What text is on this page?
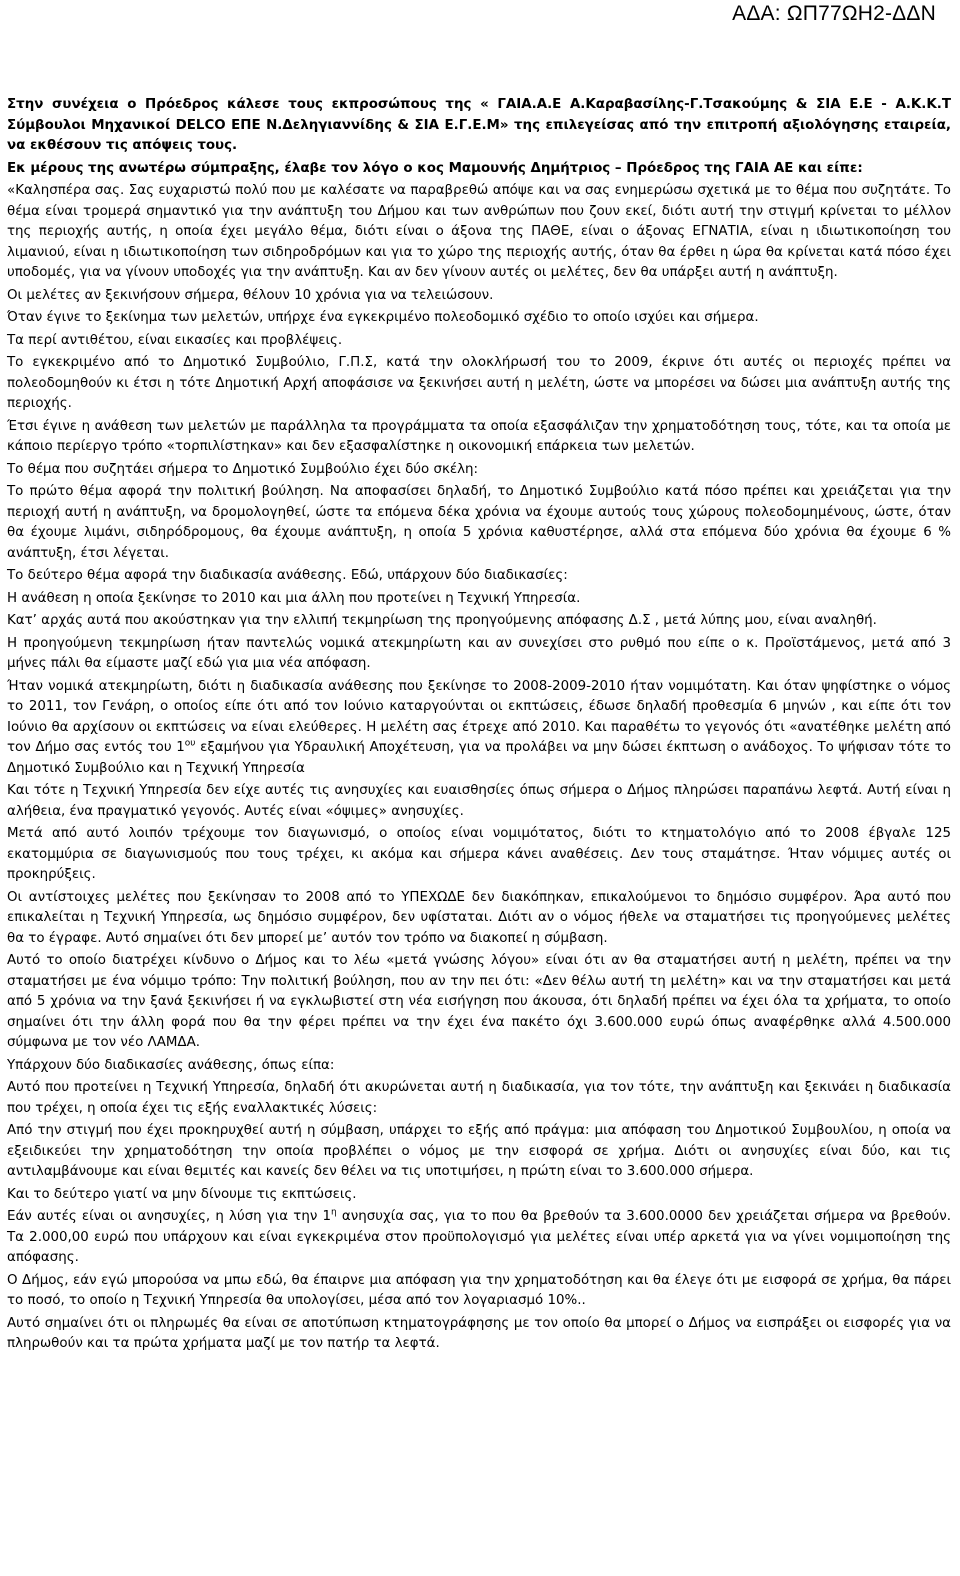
ΑΔΑ: ΩΠ77ΩΗ2-ΔΔΝ

Στην συνέχεια ο Πρόεδρος κάλεσε τους εκπροσώπους της « ΓΑΙΑ.Α.Ε Α.Καραβασίλης-Γ.Τσακούμης & ΣΙΑ Ε.Ε - Α.Κ.Κ.Τ Σύμβουλοι Μηχανικοί DELCO ΕΠΕ Ν.Δεληγιαννίδης & ΣΙΑ Ε.Γ.Ε.Μ» της επιλεγείσας από την επιτροπή αξιολόγησης εταιρεία, να εκθέσουν τις απόψεις τους.

Εκ μέρους της ανωτέρω σύμπραξης, έλαβε τον λόγο ο κος Μαμουνής Δημήτριος – Πρόεδρος της ΓΑΙΑ ΑΕ και είπε:

«Καλησπέρα σας. Σας ευχαριστώ πολύ που με καλέσατε να παραβρεθώ απόψε και να σας ενημερώσω σχετικά με το θέμα που συζητάτε. Το θέμα είναι τρομερά σημαντικό για την ανάπτυξη του Δήμου και των ανθρώπων που ζουν εκεί, διότι αυτή την στιγμή κρίνεται το μέλλον της περιοχής αυτής, η οποία έχει μεγάλο θέμα, διότι είναι ο άξονα της ΠΑΘΕ, είναι ο άξονας ΕΓΝΑΤΙΑ, είναι η ιδιωτικοποίηση του λιμανιού, είναι η ιδιωτικοποίηση των σιδηροδρόμων και για το χώρο της περιοχής αυτής, όταν θα έρθει η ώρα θα κρίνεται κατά πόσο έχει υποδομές, για να γίνουν υποδοχές για την ανάπτυξη. Και αν δεν γίνουν αυτές οι μελέτες, δεν θα υπάρξει αυτή η ανάπτυξη.

Οι μελέτες αν ξεκινήσουν σήμερα, θέλουν 10 χρόνια για να τελειώσουν.

Όταν έγινε το ξεκίνημα των μελετών, υπήρχε ένα εγκεκριμένο πολεοδομικό σχέδιο το οποίο ισχύει και σήμερα.

Τα περί αντιθέτου, είναι εικασίες και προβλέψεις.

Το εγκεκριμένο από το Δημοτικό Συμβούλιο, Γ.Π.Σ, κατά την ολοκλήρωσή του το 2009, έκρινε ότι αυτές οι περιοχές πρέπει να πολεοδομηθούν κι έτσι η τότε Δημοτική Αρχή αποφάσισε να ξεκινήσει αυτή η μελέτη, ώστε να μπορέσει να δώσει μια ανάπτυξη αυτής της περιοχής.

Έτσι έγινε η ανάθεση των μελετών με παράλληλα τα προγράμματα τα οποία εξασφάλιζαν την χρηματοδότηση τους, τότε, και τα οποία με κάποιο περίεργο τρόπο «τορπιλίστηκαν» και δεν εξασφαλίστηκε η οικονομική επάρκεια των μελετών.

Το θέμα που συζητάει σήμερα το Δημοτικό Συμβούλιο έχει δύο σκέλη:

Το πρώτο θέμα αφορά την πολιτική βούληση. Να αποφασίσει δηλαδή, το Δημοτικό Συμβούλιο κατά πόσο πρέπει και χρειάζεται για την περιοχή αυτή η ανάπτυξη, να δρομολογηθεί, ώστε τα επόμενα δέκα χρόνια να έχουμε αυτούς τους χώρους πολεοδομημένους, ώστε, όταν θα έχουμε λιμάνι, σιδηρόδρομους, θα έχουμε ανάπτυξη, η οποία 5 χρόνια καθυστέρησε, αλλά στα επόμενα δύο χρόνια θα έχουμε 6 % ανάπτυξη, έτσι λέγεται.

Το δεύτερο θέμα αφορά την διαδικασία ανάθεσης. Εδώ, υπάρχουν δύο διαδικασίες:

Η ανάθεση η οποία ξεκίνησε το 2010 και μια άλλη που προτείνει η Τεχνική Υπηρεσία.

Κατ’ αρχάς αυτά που ακούστηκαν για την ελλιπή τεκμηρίωση της προηγούμενης απόφασης Δ.Σ , μετά λύπης μου, είναι αναληθή.

Η προηγούμενη τεκμηρίωση ήταν παντελώς νομικά ατεκμηρίωτη και αν συνεχίσει στο ρυθμό που είπε ο κ. Προϊστάμενος, μετά από 3 μήνες πάλι θα είμαστε μαζί εδώ για μια νέα απόφαση.

Ήταν νομικά ατεκμηρίωτη, διότι η διαδικασία ανάθεσης που ξεκίνησε το 2008-2009-2010 ήταν νομιμότατη. Και όταν ψηφίστηκε ο νόμος το 2011, τον Γενάρη, ο οποίος είπε ότι από τον Ιούνιο καταργούνται οι εκπτώσεις, έδωσε δηλαδή προθεσμία 6 μηνών , και είπε ότι τον Ιούνιο θα αρχίσουν οι εκπτώσεις να είναι ελεύθερες. Η μελέτη σας έτρεχε από 2010. Και παραθέτω το γεγονός ότι «ανατέθηκε μελέτη από τον Δήμο σας εντός του $1^{o\upsilon}$ εξαμήνου για Υδραυλική Αποχέτευση, για να προλάβει να μην δώσει έκπτωση ο ανάδοχος. Το ψήφισαν τότε το Δημοτικό Συμβούλιο και η Τεχνική Υπηρεσία

Και τότε η Τεχνική Υπηρεσία δεν είχε αυτές τις ανησυχίες και ευαισθησίες όπως σήμερα ο Δήμος πληρώσει παραπάνω λεφτά. Αυτή είναι η αλήθεια, ένα πραγματικό γεγονός. Αυτές είναι «όψιμες» ανησυχίες.

Μετά από αυτό λοιπόν τρέχουμε τον διαγωνισμό, ο οποίος είναι νομιμότατος, διότι το κτηματολόγιο από το 2008 έβγαλε 125 εκατομμύρια σε διαγωνισμούς που τους τρέχει, κι ακόμα και σήμερα κάνει αναθέσεις. Δεν τους σταμάτησε. Ήταν νόμιμες αυτές οι προκηρύξεις.

Οι αντίστοιχες μελέτες που ξεκίνησαν το 2008 από το ΥΠΕΧΩΔΕ δεν διακόπηκαν, επικαλούμενοι το δημόσιο συμφέρον. Άρα αυτό που επικαλείται η Τεχνική Υπηρεσία, ως δημόσιο συμφέρον, δεν υφίσταται. Διότι αν ο νόμος ήθελε να σταματήσει τις προηγούμενες μελέτες θα το έγραφε. Αυτό σημαίνει ότι δεν μπορεί με’ αυτόν τον τρόπο να διακοπεί η σύμβαση.

Αυτό το οποίο διατρέχει κίνδυνο ο Δήμος και το λέω «μετά γνώσης λόγου» είναι ότι αν θα σταματήσει αυτή η μελέτη, πρέπει να την σταματήσει με ένα νόμιμο τρόπο: Την πολιτική βούληση, που αν την πει ότι: «Δεν θέλω αυτή τη μελέτη» και να την σταματήσει και μετά από 5 χρόνια να την ξανά ξεκινήσει ή να εγκλωβιστεί στη νέα εισήγηση που άκουσα, ότι δηλαδή πρέπει να έχει όλα τα χρήματα, το οποίο σημαίνει ότι την άλλη φορά που θα την φέρει πρέπει να την έχει ένα πακέτο όχι 3.600.000 ευρώ όπως αναφέρθηκε αλλά 4.500.000 σύμφωνα με τον νέο ΛΑΜΔΑ.

Υπάρχουν δύο διαδικασίες ανάθεσης, όπως είπα:

Αυτό που προτείνει η Τεχνική Υπηρεσία, δηλαδή ότι ακυρώνεται αυτή η διαδικασία, για τον τότε, την ανάπτυξη και ξεκινάει η διαδικασία που τρέχει, η οποία έχει τις εξής εναλλακτικές λύσεις:

Από την στιγμή που έχει προκηρυχθεί αυτή η σύμβαση, υπάρχει το εξής από πράγμα: μια απόφαση του Δημοτικού Συμβουλίου, η οποία να εξειδικεύει την χρηματοδότηση την οποία προβλέπει ο νόμος με την εισφορά σε χρήμα. Διότι οι ανησυχίες είναι δύο, και τις αντιλαμβάνουμε και είναι θεμιτές και κανείς δεν θέλει να τις υποτιμήσει, η πρώτη είναι το 3.600.000 σήμερα.

Και το δεύτερο γιατί να μην δίνουμε τις εκπτώσεις.

Εάν αυτές είναι οι ανησυχίες, η λύση για την $1^\eta$ ανησυχία σας, για το που θα βρεθούν τα 3.600.0000 δεν χρειάζεται σήμερα να βρεθούν. Τα 2.000,00 ευρώ που υπάρχουν και είναι εγκεκριμένα στον προϋπολογισμό για μελέτες είναι υπέρ αρκετά για να γίνει νομιμοποίηση της απόφασης.

Ο Δήμος, εάν εγώ μπορούσα να μπω εδώ, θα έπαιρνε μια απόφαση για την χρηματοδότηση και θα έλεγε ότι με εισφορά σε χρήμα, θα πάρει το ποσό, το οποίο η Τεχνική Υπηρεσία θα υπολογίσει, μέσα από τον λογαριασμό 10%..

Αυτό σημαίνει ότι οι πληρωμές θα είναι σε αποτύπωση κτηματογράφησης με τον οποίο θα μπορεί ο Δήμος να εισπράξει οι εισφορές για να πληρωθούν και τα πρώτα χρήματα μαζί με τον πατήρ τα λεφτά.
